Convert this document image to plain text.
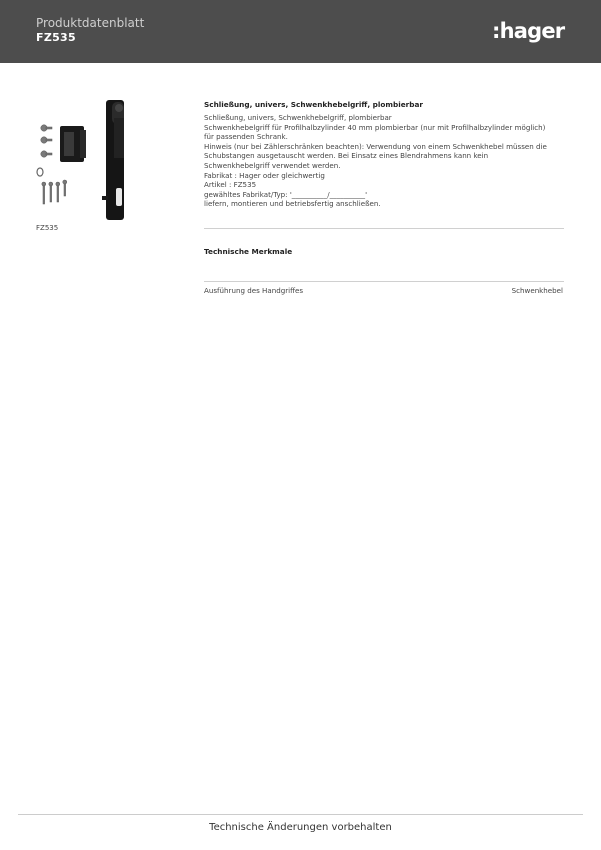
Produktdatenblatt
FZ535	:hager
FZ535
Schließung, univers, Schwenkhebelgriff, plombierbar
Schließung, univers, Schwenkhebelgriff, plombierbar
Schwenkhebelgriff für Profilhalbzylinder 40 mm plombierbar (nur mit Profilhalbzylinder möglich)
für passenden Schrank.
Hinweis (nur bei Zählerschränken beachten): Verwendung von einem Schwenkhebel müssen die
Schubstangen ausgetauscht werden. Bei Einsatz eines Blendrahmens kann kein
Schwenkhebelgriff verwendet werden.
Fabrikat : Hager oder gleichwertig
Artikel : FZ535
gewähltes Fabrikat/Typ: '__________/__________'
liefern, montieren und betriebsfertig anschließen.
Technische Merkmale
Ausführung des Handgriffes	Schwenkhebel
Technische Änderungen vorbehalten
